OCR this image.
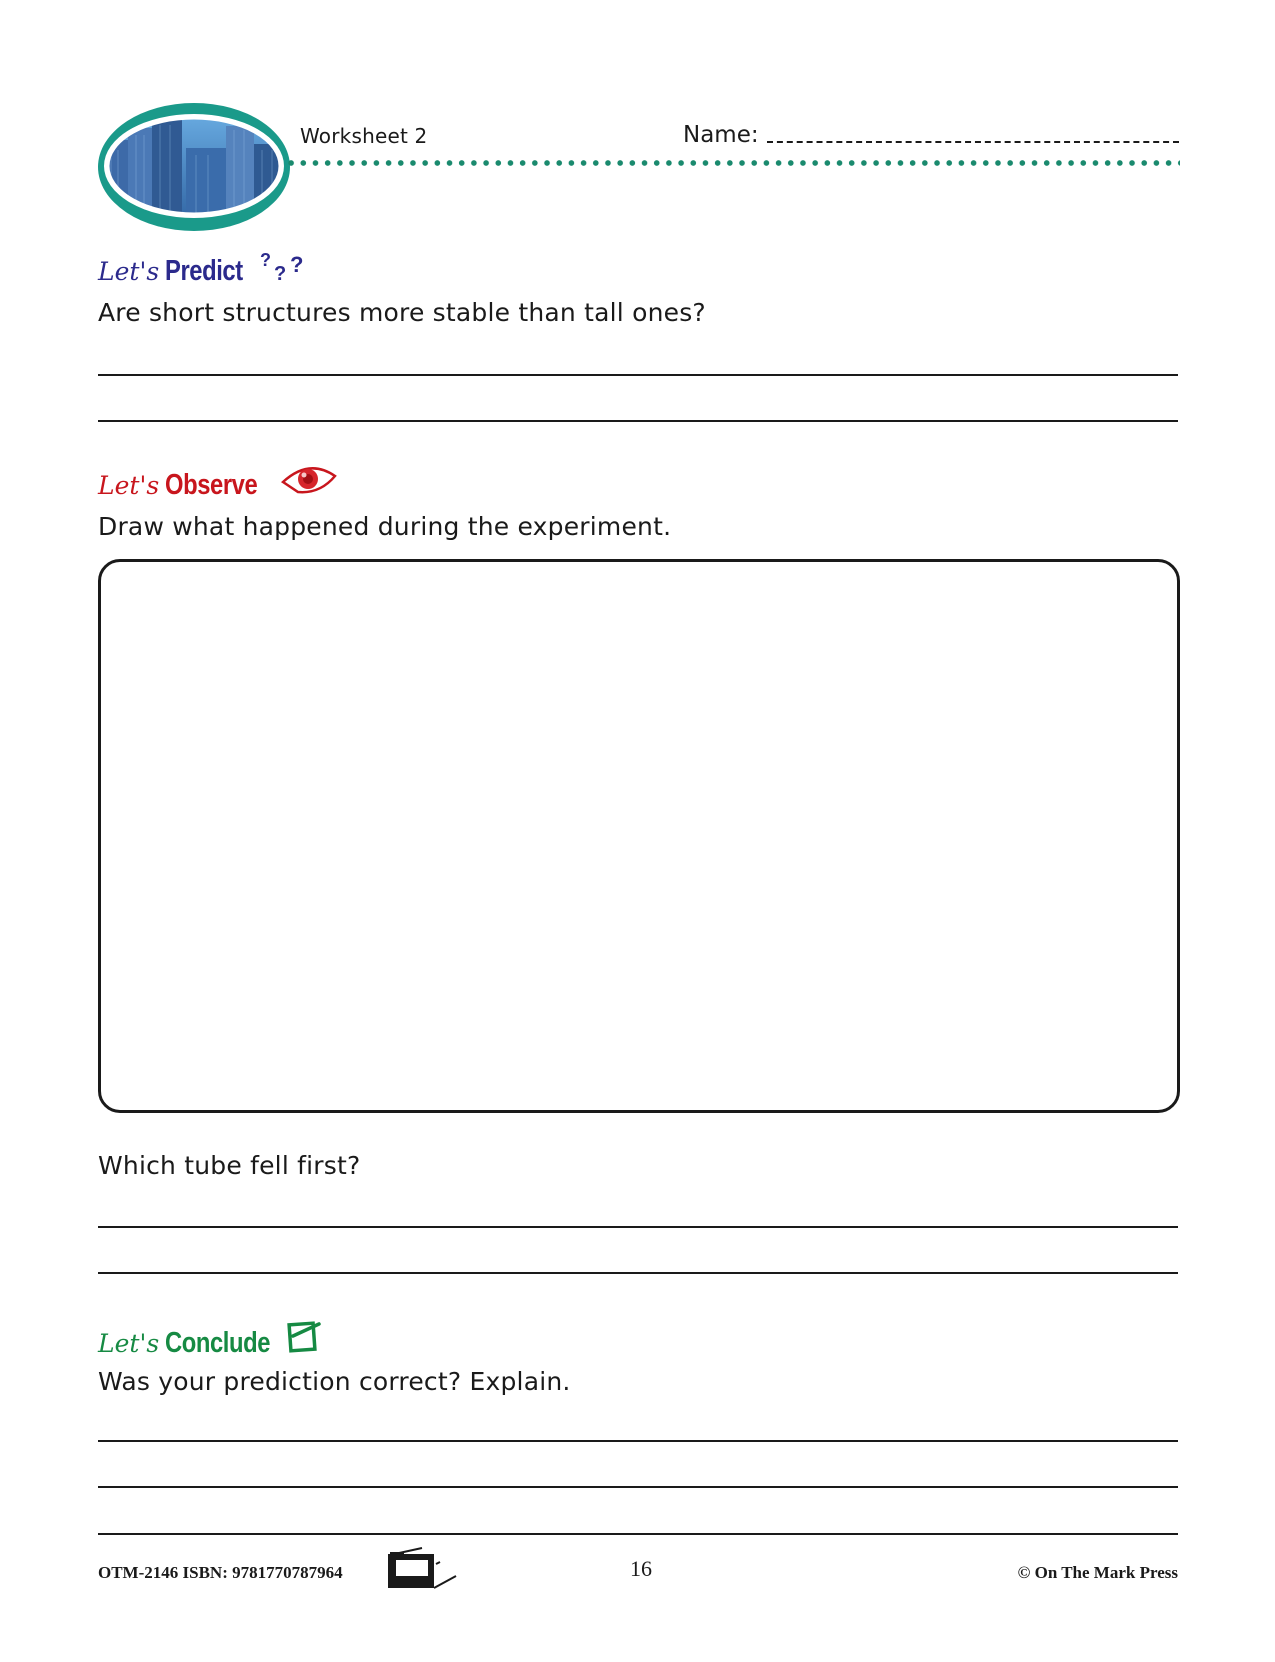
Worksheet 2	Name:
Let's Predict ?
? ?
Are short structures more stable than tall ones?
Let's Observe
Draw what happened during the experiment.
Which tube fell first?
Let's Conclude
Was your prediction correct? Explain.
OTM-2146 ISBN: 9781770787964	16	© On The Mark Press
